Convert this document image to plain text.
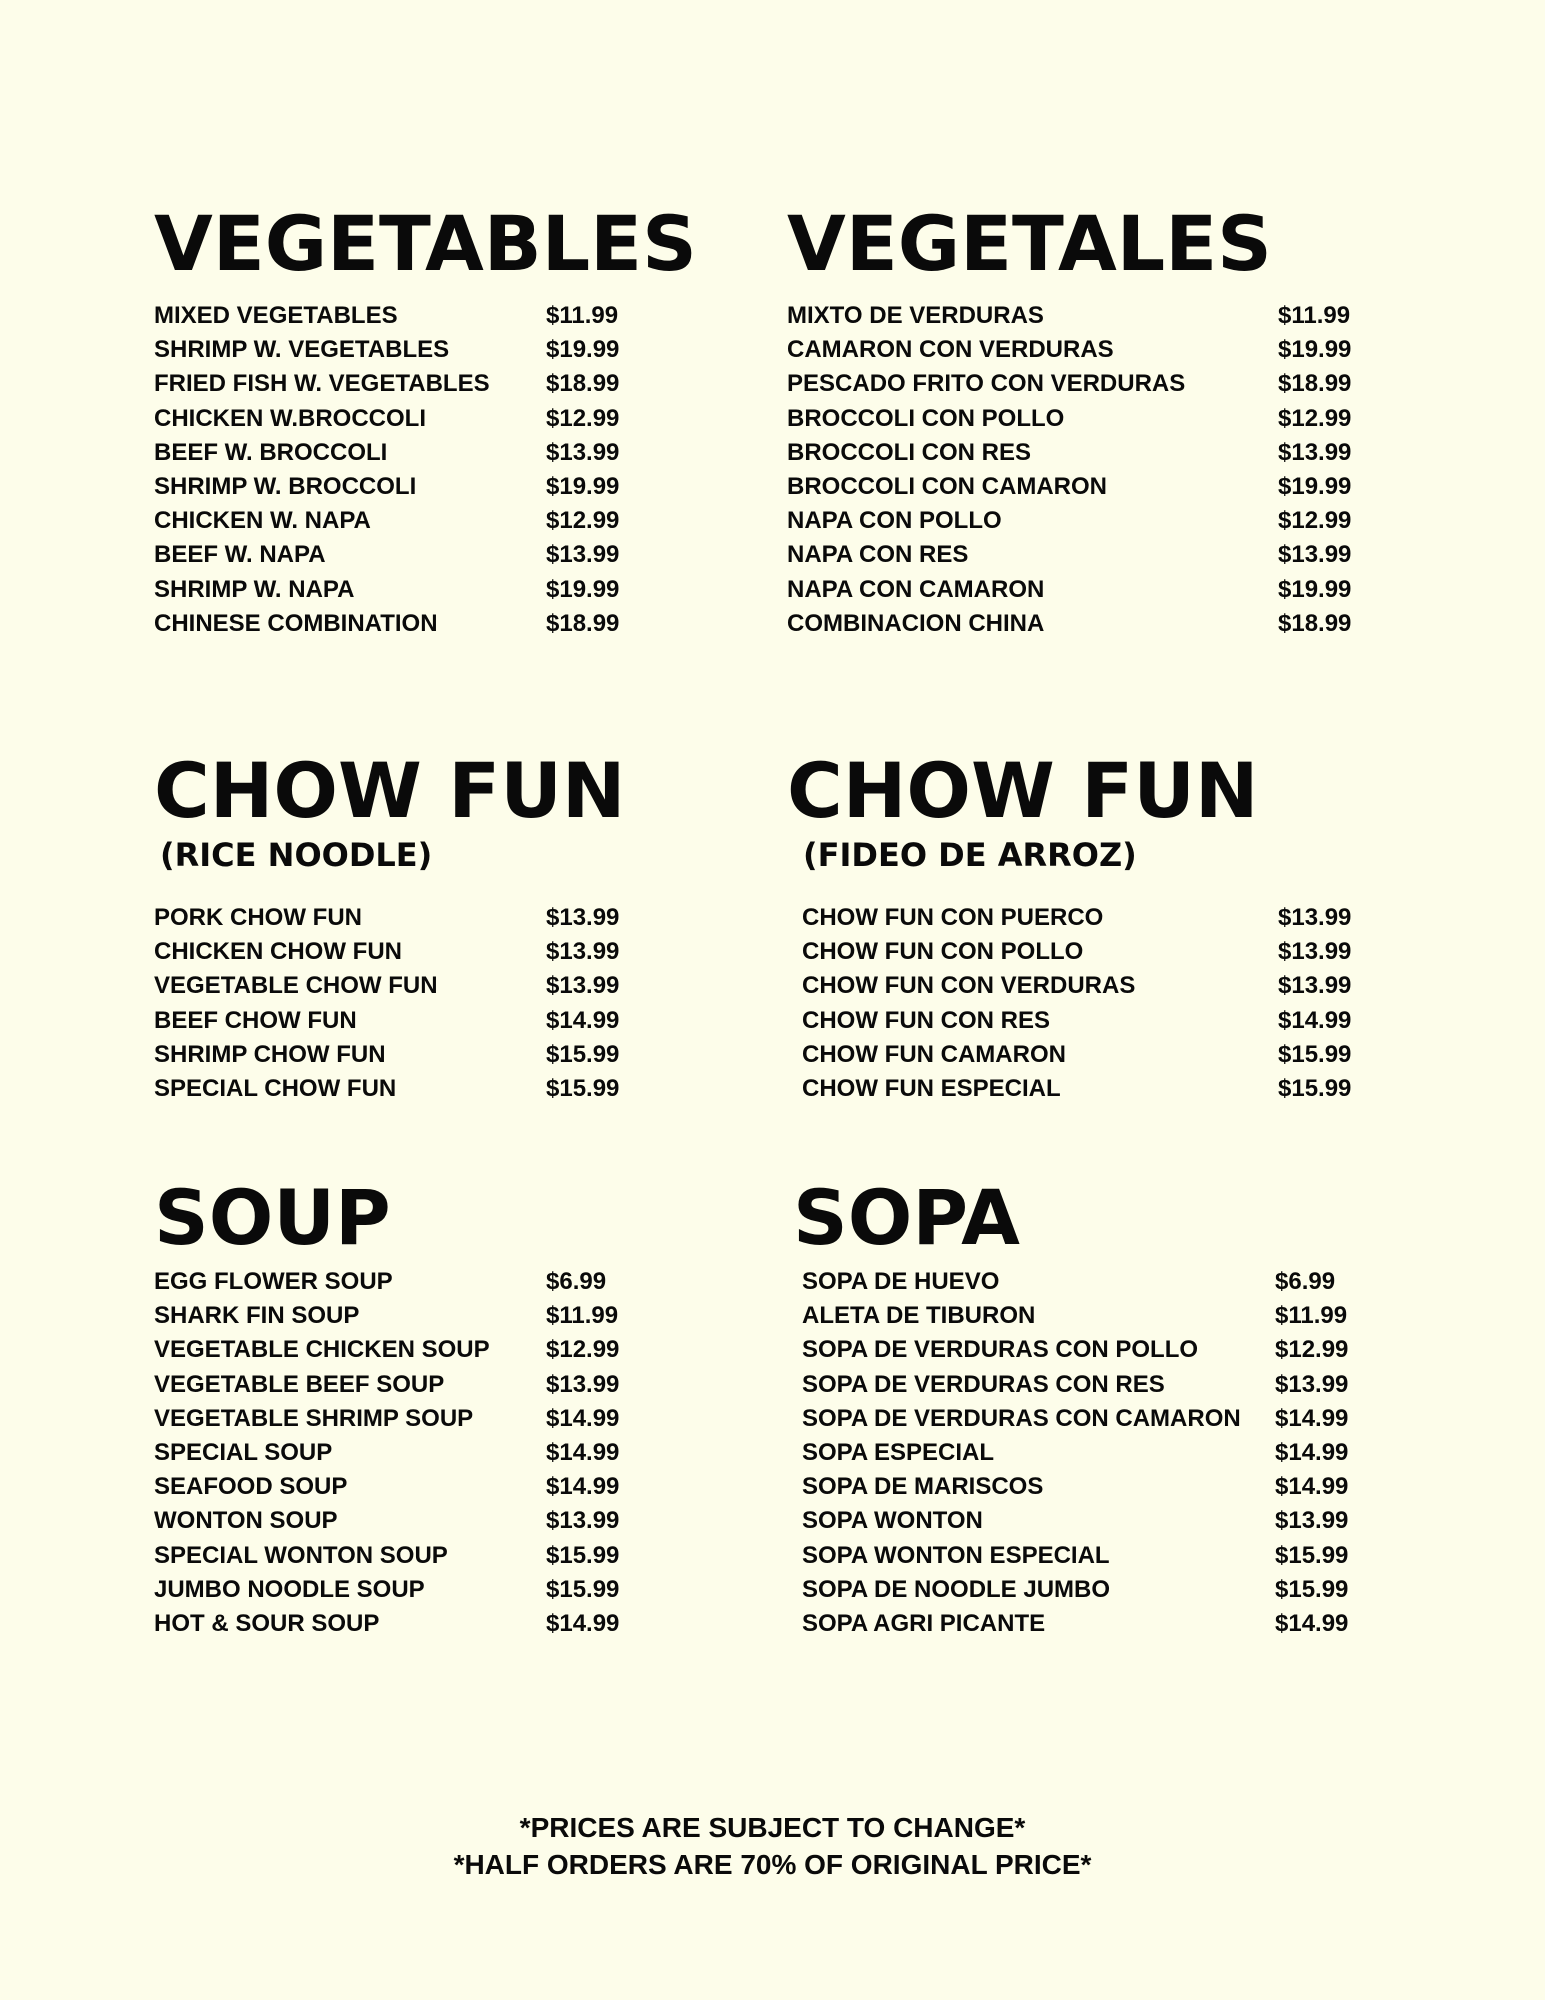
VEGETABLES
MIXED VEGETABLES	$11.99
SHRIMP W. VEGETABLES	$19.99
FRIED FISH W. VEGETABLES $18.99
CHICKEN W.BROCCOLI	$12.99
BEEF W. BROCCOLI	$13.99
SHRIMP W. BROCCOLI	$19.99
CHICKEN W. NAPA	$12.99
BEEF W. NAPA	$13.99
SHRIMP W. NAPA	$19.99
CHINESE COMBINATION	$18.99
VEGETALES
MIXTO DE VERDURAS	$11.99
CAMARON CON VERDURAS	$19.99
PESCADO FRITO CON VERDURAS	$18.99
BROCCOLI CON POLLO	$12.99
BROCCOLI CON RES	$13.99
BROCCOLI CON CAMARON	$19.99
NAPA CON POLLO	$12.99
NAPA CON RES	$13.99
NAPA CON CAMARON	$19.99
COMBINACION CHINA	$18.99
CHOW FUN
(RICE NOODLE)
PORK CHOW FUN	$13.99
CHICKEN CHOW FUN	$13.99
VEGETABLE CHOW FUN	$13.99
BEEF CHOW FUN	$14.99
SHRIMP CHOW FUN	$15.99
SPECIAL CHOW FUN	$15.99
CHOW FUN
(FIDEO DE ARROZ)
CHOW FUN CON PUERCO	$13.99
CHOW FUN CON POLLO	$13.99
CHOW FUN CON VERDURAS	$13.99
CHOW FUN CON RES	$14.99
CHOW FUN CAMARON	$15.99
CHOW FUN ESPECIAL	$15.99
SOUP
EGG FLOWER SOUP	$6.99
SHARK FIN SOUP	$11.99
VEGETABLE CHICKEN SOUP $12.99
VEGETABLE BEEF SOUP	$13.99
VEGETABLE SHRIMP SOUP	$14.99
SPECIAL SOUP	$14.99
SEAFOOD SOUP	$14.99
WONTON SOUP	$13.99
SPECIAL WONTON SOUP	$15.99
JUMBO NOODLE SOUP	$15.99
HOT & SOUR SOUP	$14.99
SOPA
SOPA DE HUEVO	$6.99
ALETA DE TIBURON	$11.99
SOPA DE VERDURAS CON POLLO	$12.99
SOPA DE VERDURAS CON RES	$13.99
SOPA DE VERDURAS CON CAMARON $14.99
SOPA ESPECIAL	$14.99
SOPA DE MARISCOS	$14.99
SOPA WONTON	$13.99
SOPA WONTON ESPECIAL	$15.99
SOPA DE NOODLE JUMBO	$15.99
SOPA AGRI PICANTE	$14.99
*PRICES ARE SUBJECT TO CHANGE*
*HALF ORDERS ARE 70% OF ORIGINAL PRICE*
